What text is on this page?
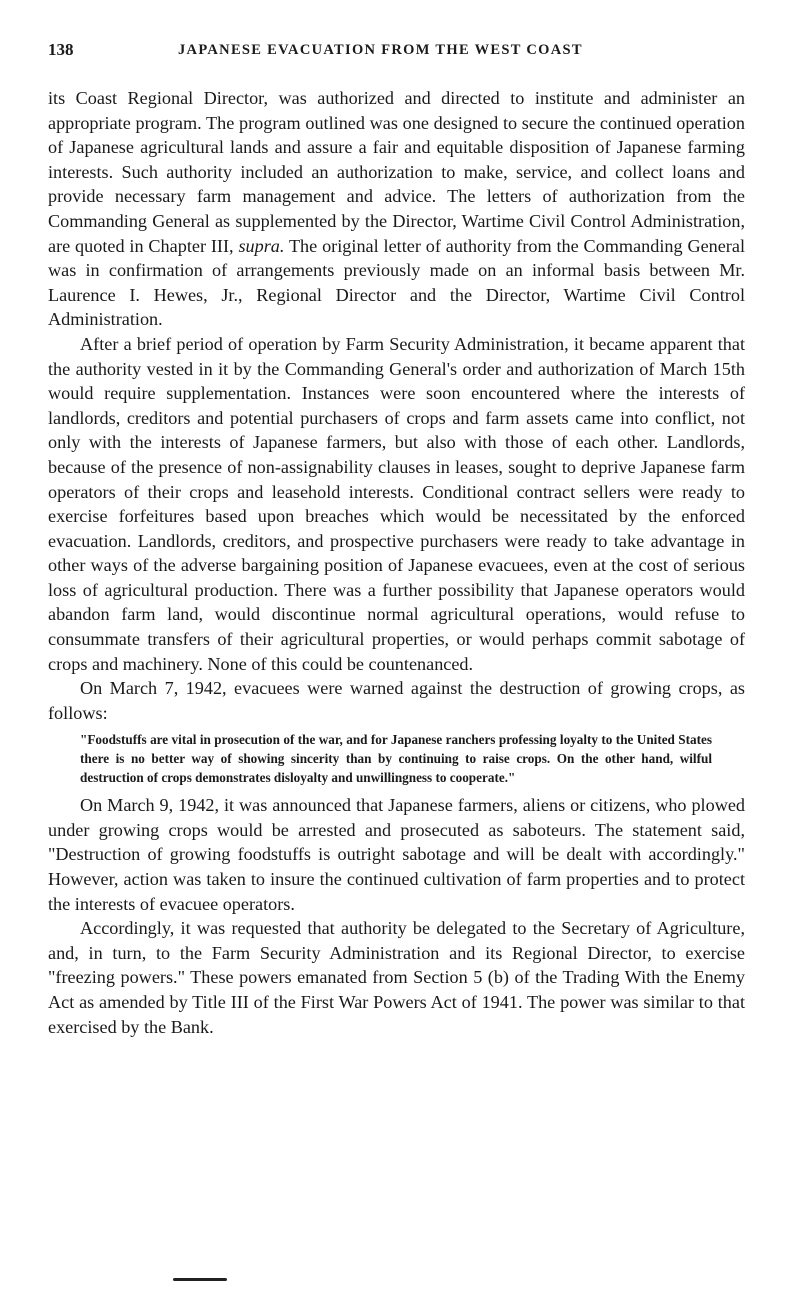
138	JAPANESE EVACUATION FROM THE WEST COAST

its Coast Regional Director, was authorized and directed to institute and administer an appropriate program. The program outlined was one designed to secure the continued operation of Japanese agricultural lands and assure a fair and equitable disposition of Japanese farming interests. Such authority included an authorization to make, service, and collect loans and provide necessary farm management and advice. The letters of authorization from the Commanding General as supplemented by the Director, Wartime Civil Control Administration, are quoted in Chapter III, supra. The original letter of authority from the Commanding General was in confirmation of arrangements previously made on an informal basis between Mr. Laurence I. Hewes, Jr., Regional Director and the Director, Wartime Civil Control Administration.

After a brief period of operation by Farm Security Administration, it became apparent that the authority vested in it by the Commanding General's order and authorization of March 15th would require supplementation. Instances were soon encountered where the interests of landlords, creditors and potential purchasers of crops and farm assets came into conflict, not only with the interests of Japanese farmers, but also with those of each other. Landlords, because of the presence of non-assignability clauses in leases, sought to deprive Japanese farm operators of their crops and leasehold interests. Conditional contract sellers were ready to exercise forfeitures based upon breaches which would be necessitated by the enforced evacuation. Landlords, creditors, and prospective purchasers were ready to take advantage in other ways of the adverse bargaining position of Japanese evacuees, even at the cost of serious loss of agricultural production. There was a further possibility that Japanese operators would abandon farm land, would discontinue normal agricultural operations, would refuse to consummate transfers of their agricultural properties, or would perhaps commit sabotage of crops and machinery. None of this could be countenanced.

On March 7, 1942, evacuees were warned against the destruction of growing crops, as follows:

"Foodstuffs are vital in prosecution of the war, and for Japanese ranchers professing loyalty to the United States there is no better way of showing sincerity than by continuing to raise crops. On the other hand, wilful destruction of crops demonstrates disloyalty and unwillingness to cooperate."

On March 9, 1942, it was announced that Japanese farmers, aliens or citizens, who plowed under growing crops would be arrested and prosecuted as saboteurs. The statement said, "Destruction of growing foodstuffs is outright sabotage and will be dealt with accordingly." However, action was taken to insure the continued cultivation of farm properties and to protect the interests of evacuee operators.

Accordingly, it was requested that authority be delegated to the Secretary of Agriculture, and, in turn, to the Farm Security Administration and its Regional Director, to exercise "freezing powers." These powers emanated from Section 5 (b) of the Trading With the Enemy Act as amended by Title III of the First War Powers Act of 1941. The power was similar to that exercised by the Bank.
